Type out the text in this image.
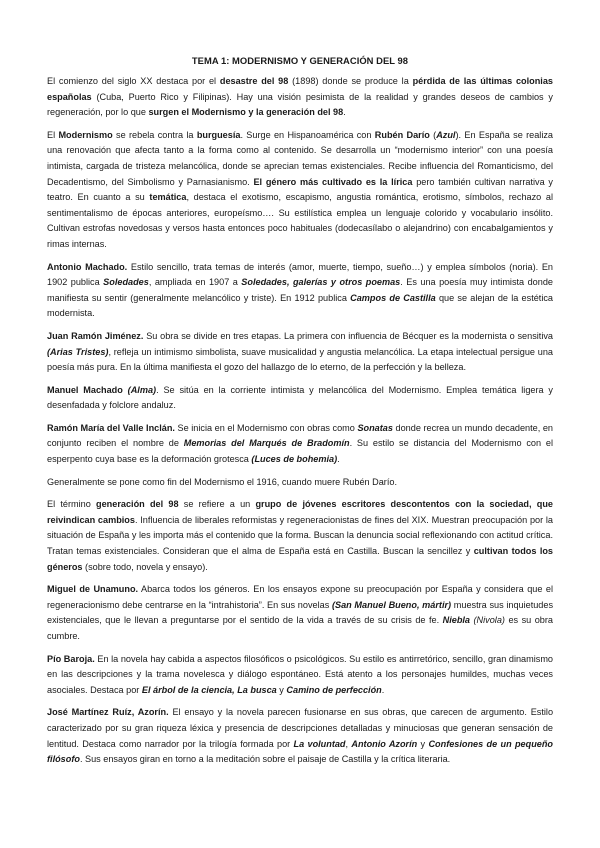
TEMA 1: MODERNISMO Y GENERACIÓN DEL 98

El comienzo del siglo XX destaca por el desastre del 98 (1898) donde se produce la pérdida de las últimas colonias españolas (Cuba, Puerto Rico y Filipinas). Hay una visión pesimista de la realidad y grandes deseos de cambios y regeneración, por lo que surgen el Modernismo y la generación del 98.

El Modernismo se rebela contra la burguesía. Surge en Hispanoamérica con Rubén Darío (Azul). En España se realiza una renovación que afecta tanto a la forma como al contenido. Se desarrolla un “modernismo interior” con una poesía intimista, cargada de tristeza melancólica, donde se aprecian temas existenciales. Recibe influencia del Romanticismo, del Decadentismo, del Simbolismo y Parnasianismo. El género más cultivado es la lírica pero también cultivan narrativa y teatro. En cuanto a su temática, destaca el exotismo, escapismo, angustia romántica, erotismo, símbolos, rechazo al sentimentalismo de épocas anteriores, europeísmo…. Su estilística emplea un lenguaje colorido y vocabulario insólito. Cultivan estrofas novedosas y versos hasta entonces poco habituales (dodecasílabo o alejandrino) con encabalgamientos y rimas internas.

Antonio Machado. Estilo sencillo, trata temas de interés (amor, muerte, tiempo, sueño…) y emplea símbolos (noria). En 1902 publica Soledades, ampliada en 1907 a Soledades, galerías y otros poemas. Es una poesía muy intimista donde manifiesta su sentir (generalmente melancólico y triste). En 1912 publica Campos de Castilla que se alejan de la estética modernista.

Juan Ramón Jiménez. Su obra se divide en tres etapas. La primera con influencia de Bécquer es la modernista o sensitiva (Arias Tristes), refleja un intimismo simbolista, suave musicalidad y angustia melancólica. La etapa intelectual persigue una poesía más pura. En la última manifiesta el gozo del hallazgo de lo eterno, de la perfección y la belleza.

Manuel Machado (Alma). Se sitúa en la corriente intimista y melancólica del Modernismo. Emplea temática ligera y desenfadada y folclore andaluz.

Ramón María del Valle Inclán. Se inicia en el Modernismo con obras como Sonatas donde recrea un mundo decadente, en conjunto reciben el nombre de Memorias del Marqués de Bradomín. Su estilo se distancia del Modernismo con el esperpento cuya base es la deformación grotesca (Luces de bohemia).

Generalmente se pone como fin del Modernismo el 1916, cuando muere Rubén Darío.

El término generación del 98 se refiere a un grupo de jóvenes escritores descontentos con la sociedad, que reivindican cambios. Influencia de liberales reformistas y regeneracionistas de fines del XIX. Muestran preocupación por la situación de España y les importa más el contenido que la forma. Buscan la denuncia social reflexionando con actitud crítica. Tratan temas existenciales. Consideran que el alma de España está en Castilla. Buscan la sencillez y cultivan todos los géneros (sobre todo, novela y ensayo).

Miguel de Unamuno. Abarca todos los géneros. En los ensayos expone su preocupación por España y considera que el regeneracionismo debe centrarse en la “intrahistoria”. En sus novelas (San Manuel Bueno, mártir) muestra sus inquietudes existenciales, que le llevan a preguntarse por el sentido de la vida a través de su crisis de fe. Niebla (Nivola) es su obra cumbre.

Pío Baroja. En la novela hay cabida a aspectos filosóficos o psicológicos. Su estilo es antirretórico, sencillo, gran dinamismo en las descripciones y la trama novelesca y diálogo espontáneo. Está atento a los personajes humildes, muchas veces asociales. Destaca por El árbol de la ciencia, La busca y Camino de perfección.

José Martínez Ruíz, Azorín. El ensayo y la novela parecen fusionarse en sus obras, que carecen de argumento. Estilo caracterizado por su gran riqueza léxica y presencia de descripciones detalladas y minuciosas que generan sensación de lentitud. Destaca como narrador por la trilogía formada por La voluntad, Antonio Azorín y Confesiones de un pequeño filósofo. Sus ensayos giran en torno a la meditación sobre el paisaje de Castilla y la crítica literaria.
